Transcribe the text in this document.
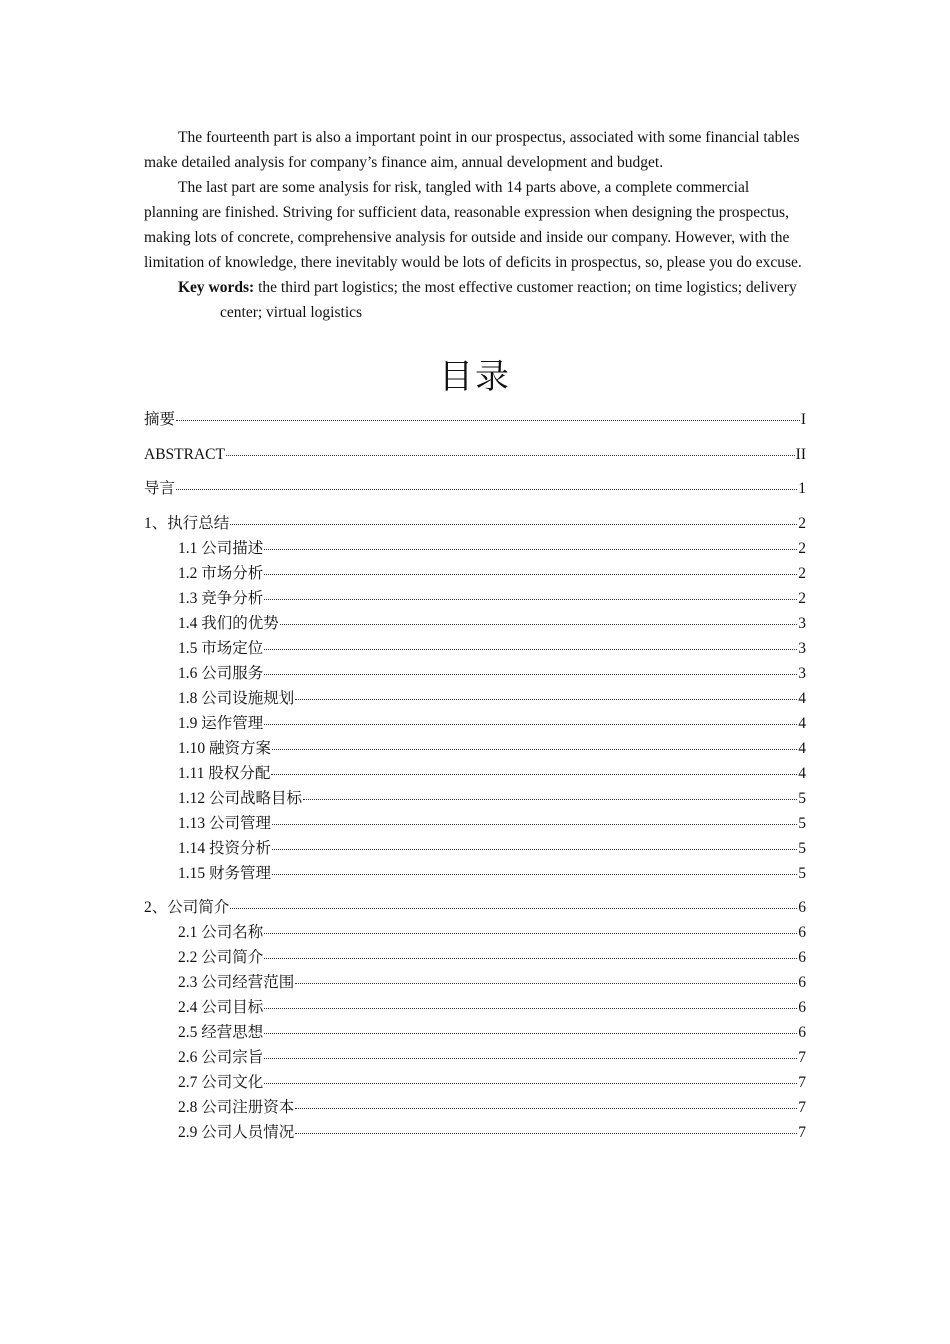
The fourteenth part is also a important point in our prospectus, associated with some financial tables make detailed analysis for company’s finance aim, annual development and budget.

The last part are some analysis for risk, tangled with 14 parts above, a complete commercial planning are finished. Striving for sufficient data, reasonable expression when designing the prospectus, making lots of concrete, comprehensive analysis for outside and inside our company. However, with the limitation of knowledge, there inevitably would be lots of deficits in prospectus, so, please you do excuse.

Key words: the third part logistics; the most effective customer reaction; on time logistics; delivery center; virtual logistics

目录
摘要	I
ABSTRACT	II
导言	1
1、执行总结	2
1.1 公司描述	2
1.2 市场分析	2
1.3 竞争分析	2
1.4 我们的优势	3
1.5 市场定位	3
1.6 公司服务	3
1.8 公司设施规划	4
1.9 运作管理	4
1.10 融资方案	4
1.11 股权分配	4
1.12 公司战略目标	5
1.13 公司管理	5
1.14 投资分析	5
1.15 财务管理	5
2、公司简介	6
2.1 公司名称	6
2.2 公司简介	6
2.3 公司经营范围	6
2.4 公司目标	6
2.5 经营思想	6
2.6 公司宗旨	7
2.7 公司文化	7
2.8 公司注册资本	7
2.9 公司人员情况	7
